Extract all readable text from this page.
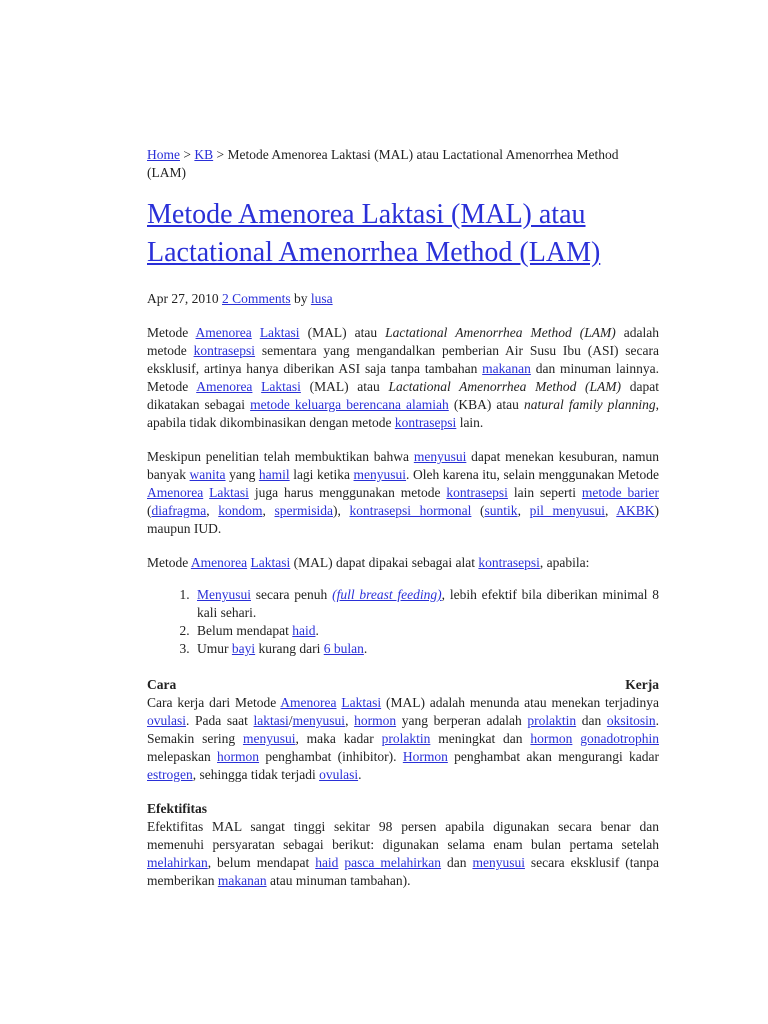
Home > KB > Metode Amenorea Laktasi (MAL) atau Lactational Amenorrhea Method (LAM)
Metode Amenorea Laktasi (MAL) atau Lactational Amenorrhea Method (LAM)
Apr 27, 2010 2 Comments by lusa

Metode Amenorea Laktasi (MAL) atau Lactational Amenorrhea Method (LAM) adalah metode kontrasepsi sementara yang mengandalkan pemberian Air Susu Ibu (ASI) secara eksklusif, artinya hanya diberikan ASI saja tanpa tambahan makanan dan minuman lainnya. Metode Amenorea Laktasi (MAL) atau Lactational Amenorrhea Method (LAM) dapat dikatakan sebagai metode keluarga berencana alamiah (KBA) atau natural family planning, apabila tidak dikombinasikan dengan metode kontrasepsi lain.

Meskipun penelitian telah membuktikan bahwa menyusui dapat menekan kesuburan, namun banyak wanita yang hamil lagi ketika menyusui. Oleh karena itu, selain menggunakan Metode Amenorea Laktasi juga harus menggunakan metode kontrasepsi lain seperti metode barier (diafragma, kondom, spermisida), kontrasepsi hormonal (suntik, pil menyusui, AKBK) maupun IUD.

Metode Amenorea Laktasi (MAL) dapat dipakai sebagai alat kontrasepsi, apabila:

1. Menyusui secara penuh (full breast feeding), lebih efektif bila diberikan minimal 8 kali sehari.
2. Belum mendapat haid.
3. Umur bayi kurang dari 6 bulan.
Cara	Kerja

Cara kerja dari Metode Amenorea Laktasi (MAL) adalah menunda atau menekan terjadinya ovulasi. Pada saat laktasi/menyusui, hormon yang berperan adalah prolaktin dan oksitosin. Semakin sering menyusui, maka kadar prolaktin meningkat dan hormon gonadotrophin melepaskan hormon penghambat (inhibitor). Hormon penghambat akan mengurangi kadar estrogen, sehingga tidak terjadi ovulasi.

Efektifitas

Efektifitas MAL sangat tinggi sekitar 98 persen apabila digunakan secara benar dan memenuhi persyaratan sebagai berikut: digunakan selama enam bulan pertama setelah melahirkan, belum mendapat haid pasca melahirkan dan menyusui secara eksklusif (tanpa memberikan makanan atau minuman tambahan).
